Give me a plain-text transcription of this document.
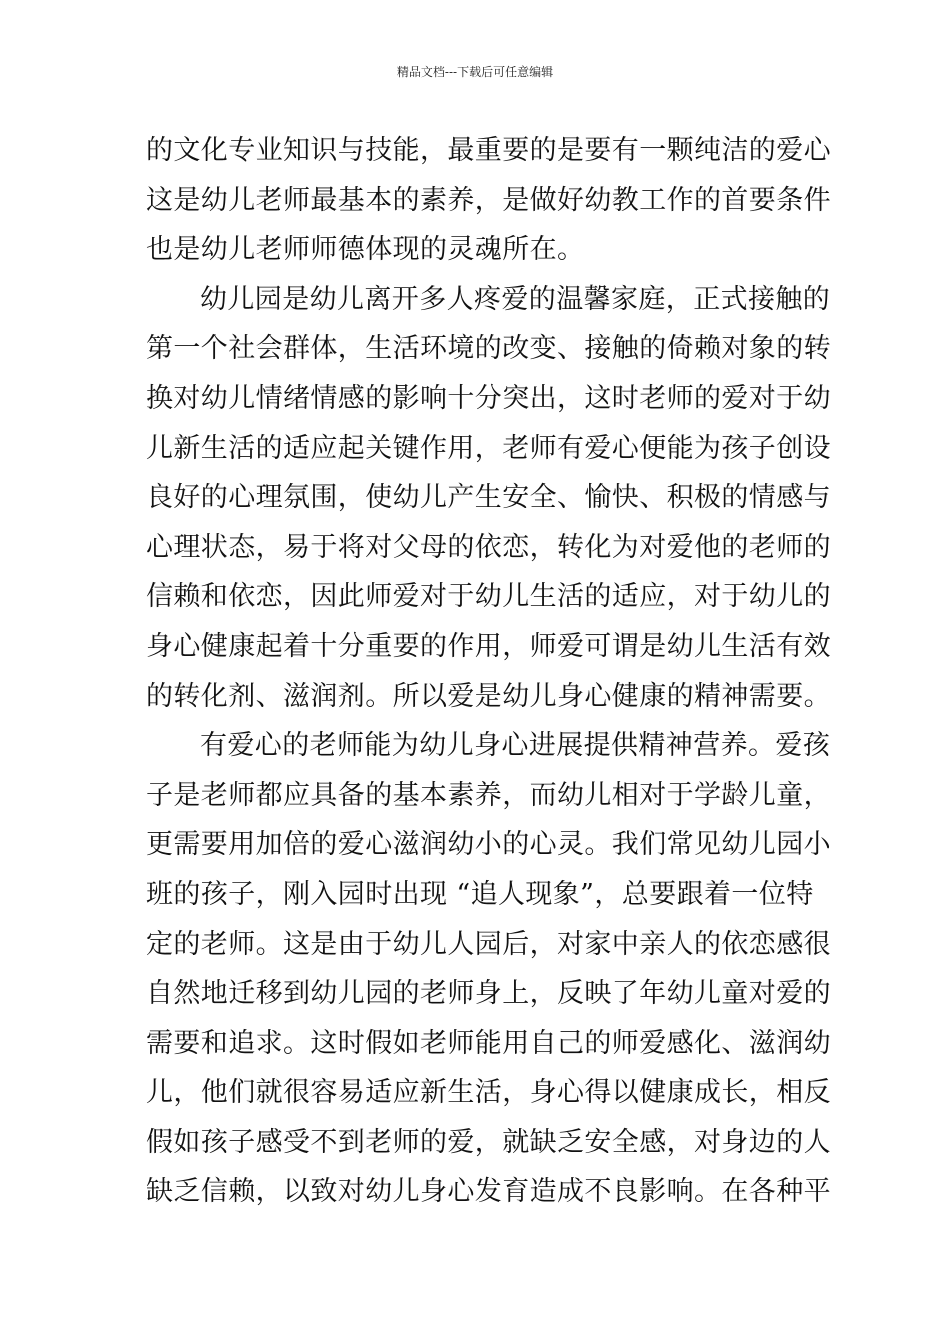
精品文档---下载后可任意编辑
的文化专业知识与技能，最重要的是要有一颗纯洁的爱心
这是幼儿老师最基本的素养，是做好幼教工作的首要条件
也是幼儿老师师德体现的灵魂所在。
幼儿园是幼儿离开多人疼爱的温馨家庭，正式接触的
第一个社会群体，生活环境的改变、接触的倚赖对象的转
换对幼儿情绪情感的影响十分突出，这时老师的爱对于幼
儿新生活的适应起关键作用，老师有爱心便能为孩子创设
良好的心理氛围，使幼儿产生安全、愉快、积极的情感与
心理状态，易于将对父母的依恋，转化为对爱他的老师的
信赖和依恋，因此师爱对于幼儿生活的适应，对于幼儿的
身心健康起着十分重要的作用，师爱可谓是幼儿生活有效
的转化剂、滋润剂。所以爱是幼儿身心健康的精神需要。
有爱心的老师能为幼儿身心进展提供精神营养。爱孩
子是老师都应具备的基本素养，而幼儿相对于学龄儿童，
更需要用加倍的爱心滋润幼小的心灵。我们常见幼儿园小
班的孩子，刚入园时出现 “追人现象”，总要跟着一位特
定的老师。这是由于幼儿人园后，对家中亲人的依恋感很
自然地迁移到幼儿园的老师身上，反映了年幼儿童对爱的
需要和追求。这时假如老师能用自己的师爱感化、滋润幼
儿，他们就很容易适应新生活，身心得以健康成长，相反
假如孩子感受不到老师的爱，就缺乏安全感，对身边的人
缺乏信赖，以致对幼儿身心发育造成不良影响。在各种平
